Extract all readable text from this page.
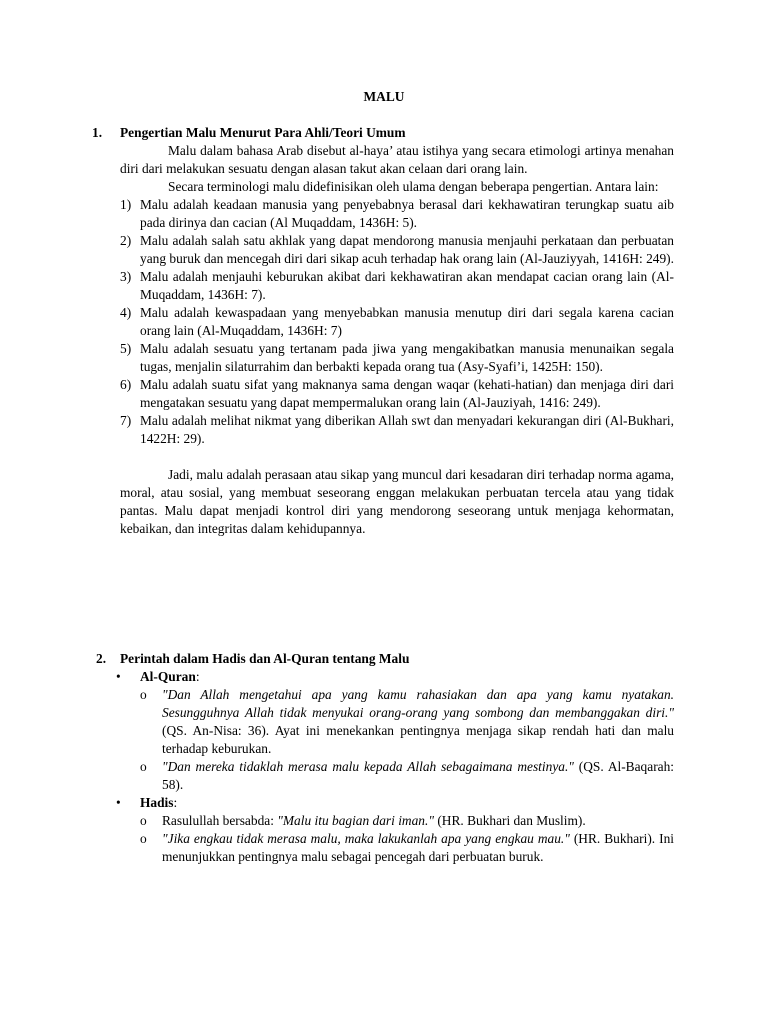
MALU
1.	Pengertian Malu Menurut Para Ahli/Teori Umum

Malu dalam bahasa Arab disebut al-haya’ atau istihya yang secara etimologi artinya menahan diri dari melakukan sesuatu dengan alasan takut akan celaan dari orang lain.

Secara terminologi malu didefinisikan oleh ulama dengan beberapa pengertian. Antara lain:

1) Malu adalah keadaan manusia yang penyebabnya berasal dari kekhawatiran terungkap suatu aib pada dirinya dan cacian (Al Muqaddam, 1436H: 5).
2) Malu adalah salah satu akhlak yang dapat mendorong manusia menjauhi perkataan dan perbuatan yang buruk dan mencegah diri dari sikap acuh terhadap hak orang lain (Al-Jauziyyah, 1416H: 249).
3) Malu adalah menjauhi keburukan akibat dari kekhawatiran akan mendapat cacian orang lain (Al-Muqaddam, 1436H: 7).
4) Malu adalah kewaspadaan yang menyebabkan manusia menutup diri dari segala karena cacian orang lain (Al-Muqaddam, 1436H: 7)
5) Malu adalah sesuatu yang tertanam pada jiwa yang mengakibatkan manusia menunaikan segala tugas, menjalin silaturrahim dan berbakti kepada orang tua (Asy-Syafi’i, 1425H: 150).
6) Malu adalah suatu sifat yang maknanya sama dengan waqar (kehati-hatian) dan menjaga diri dari mengatakan sesuatu yang dapat mempermalukan orang lain (Al-Jauziyah, 1416: 249).
7) Malu adalah melihat nikmat yang diberikan Allah swt dan menyadari kekurangan diri (Al-Bukhari, 1422H: 29).

Jadi, malu adalah perasaan atau sikap yang muncul dari kesadaran diri terhadap norma agama, moral, atau sosial, yang membuat seseorang enggan melakukan perbuatan tercela atau yang tidak pantas. Malu dapat menjadi kontrol diri yang mendorong seseorang untuk menjaga kehormatan, kebaikan, dan integritas dalam kehidupannya.

2.	Perintah dalam Hadis dan Al-Quran tentang Malu
•	Al-Quran:
o	"Dan Allah mengetahui apa yang kamu rahasiakan dan apa yang kamu nyatakan. Sesungguhnya Allah tidak menyukai orang-orang yang sombong dan membanggakan diri." (QS. An-Nisa: 36). Ayat ini menekankan pentingnya menjaga sikap rendah hati dan malu terhadap keburukan.
o	"Dan mereka tidaklah merasa malu kepada Allah sebagaimana mestinya." (QS. Al-Baqarah: 58).
•	Hadis:
o	Rasulullah bersabda: "Malu itu bagian dari iman." (HR. Bukhari dan Muslim).
o	"Jika engkau tidak merasa malu, maka lakukanlah apa yang engkau mau." (HR. Bukhari). Ini menunjukkan pentingnya malu sebagai pencegah dari perbuatan buruk.
